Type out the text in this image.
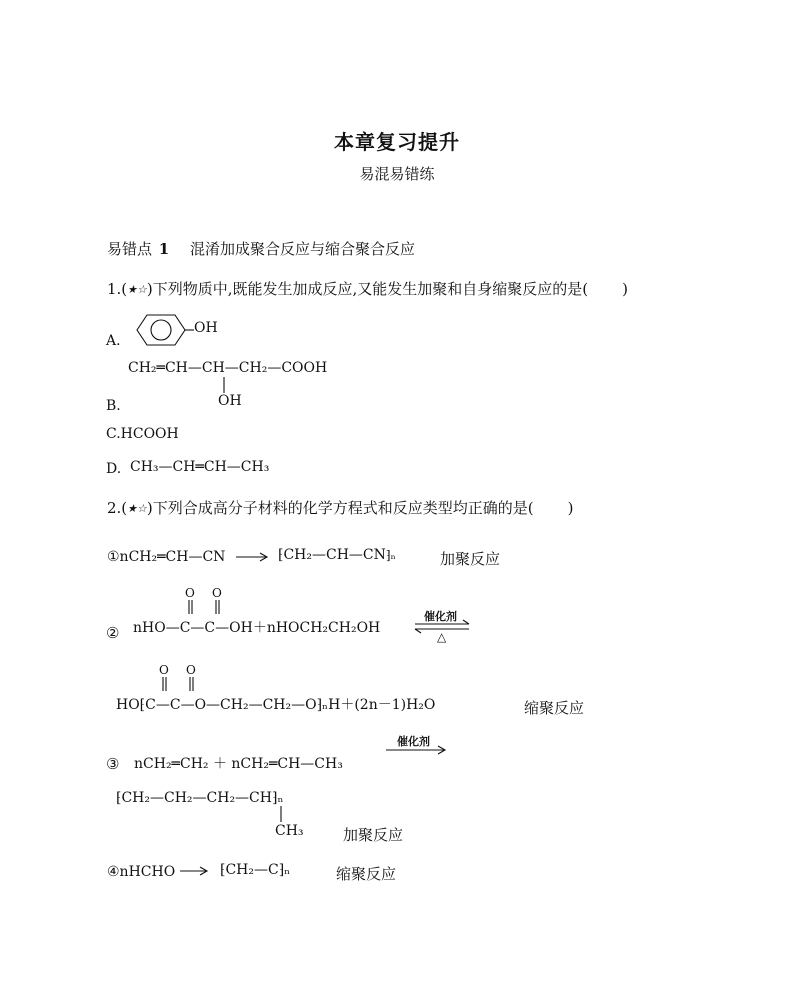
本章复习提升
易混易错练
易错点 1 混淆加成聚合反应与缩合聚合反应
1.(★☆)下列物质中,既能发生加成反应,又能发生加聚和自身缩聚反应的是( )
A.
OH
CH₂═CH—CH—CH₂—COOH
OH
B.
C.HCOOH
D. CH₃—CH═CH—CH₃
2.(★☆)下列合成高分子材料的化学方程式和反应类型均正确的是( )
①nCH₂═CH—CN	⁅CH₂—CH—CN⁆ₙ	加聚反应
O O
② nHO—C—C—OH＋nHOCH₂CH₂OH
催化剂
△
O O
HO⁅C—C—O—CH₂—CH₂—O⁆ₙH＋(2n－1)H₂O	缩聚反应
催化剂
③ nCH₂═CH₂ ＋ nCH₂═CH—CH₃
⁅CH₂—CH₂—CH₂—CH⁆ₙ
CH₃	加聚反应
④nHCHO	⁅CH₂—C⁆ₙ	缩聚反应
